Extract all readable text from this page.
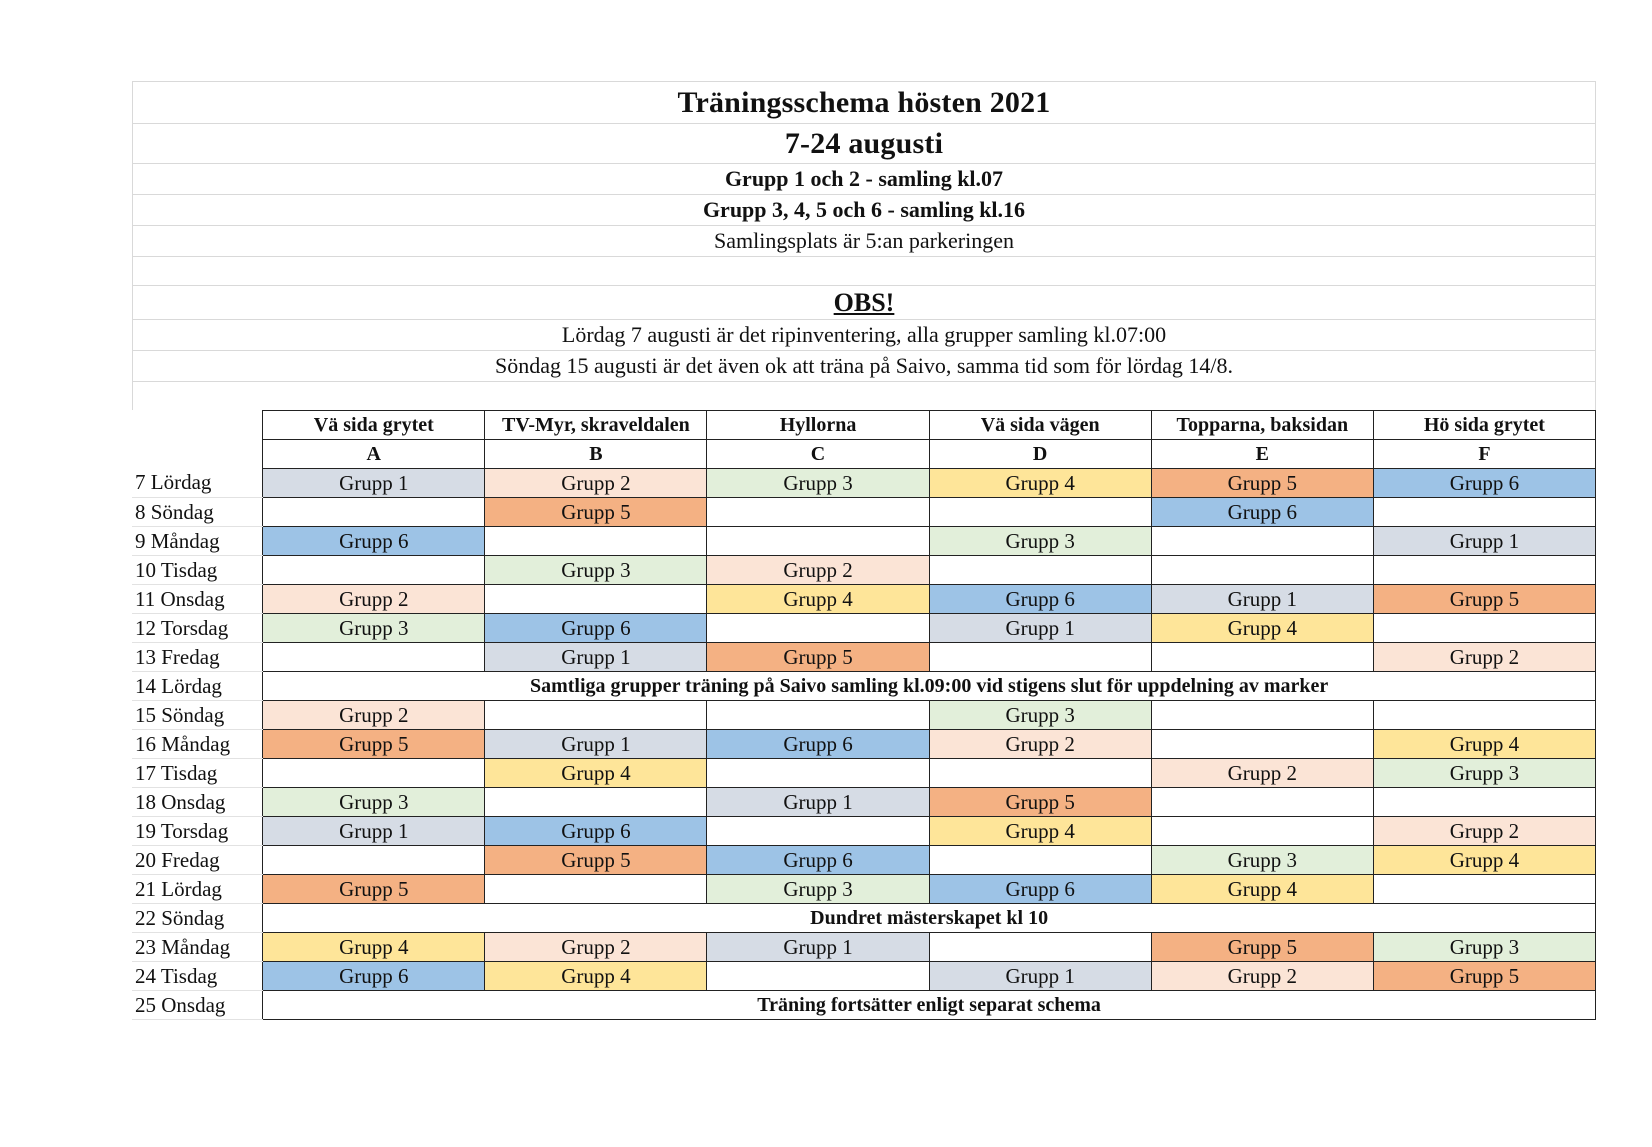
Träningsschema hösten 2021
7-24 augusti
Grupp 1 och 2 - samling kl.07
Grupp 3, 4, 5 och 6 - samling kl.16
Samlingsplats är 5:an parkeringen
OBS!
Lördag 7 augusti är det ripinventering, alla grupper samling kl.07:00
Söndag 15 augusti är det även ok att träna på Saivo, samma tid som för lördag 14/8.
	Vä sida grytet	TV-Myr, skraveldalen	Hyllorna	Vä sida vägen	Topparna, baksidan	Hö sida grytet
	A	B	C	D	E	F
7 Lördag	Grupp 1	Grupp 2	Grupp 3	Grupp 4	Grupp 5	Grupp 6
8 Söndag		Grupp 5			Grupp 6	
9 Måndag	Grupp 6			Grupp 3		Grupp 1
10 Tisdag		Grupp 3	Grupp 2			
11 Onsdag	Grupp 2		Grupp 4	Grupp 6	Grupp 1	Grupp 5
12 Torsdag	Grupp 3	Grupp 6		Grupp 1	Grupp 4	
13 Fredag		Grupp 1	Grupp 5			Grupp 2
14 Lördag	Samtliga grupper träning på Saivo samling kl.09:00 vid stigens slut för uppdelning av marker					
15 Söndag	Grupp 2			Grupp 3		
16 Måndag	Grupp 5	Grupp 1	Grupp 6	Grupp 2		Grupp 4
17 Tisdag		Grupp 4			Grupp 2	Grupp 3
18 Onsdag	Grupp 3		Grupp 1	Grupp 5		
19 Torsdag	Grupp 1	Grupp 6		Grupp 4		Grupp 2
20 Fredag		Grupp 5	Grupp 6		Grupp 3	Grupp 4
21 Lördag	Grupp 5		Grupp 3	Grupp 6	Grupp 4	
22 Söndag	Dundret mästerskapet kl 10					
23 Måndag	Grupp 4	Grupp 2	Grupp 1		Grupp 5	Grupp 3
24 Tisdag	Grupp 6	Grupp 4		Grupp 1	Grupp 2	Grupp 5
25 Onsdag	Träning fortsätter enligt separat schema					
